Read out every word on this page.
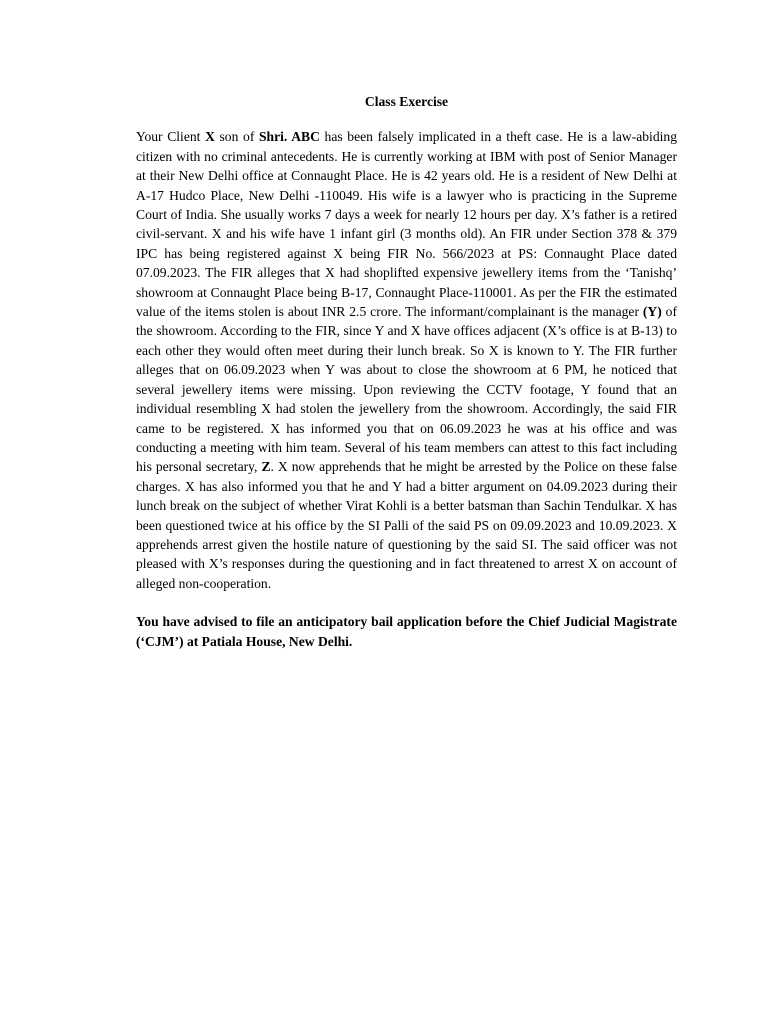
Class Exercise

Your Client X son of Shri. ABC has been falsely implicated in a theft case. He is a law-abiding citizen with no criminal antecedents. He is currently working at IBM with post of Senior Manager at their New Delhi office at Connaught Place. He is 42 years old. He is a resident of New Delhi at A-17 Hudco Place, New Delhi -110049. His wife is a lawyer who is practicing in the Supreme Court of India. She usually works 7 days a week for nearly 12 hours per day. X’s father is a retired civil-servant. X and his wife have 1 infant girl (3 months old). An FIR under Section 378 & 379 IPC has being registered against X being FIR No. 566/2023 at PS: Connaught Place dated 07.09.2023. The FIR alleges that X had shoplifted expensive jewellery items from the ‘Tanishq’ showroom at Connaught Place being B-17, Connaught Place-110001. As per the FIR the estimated value of the items stolen is about INR 2.5 crore. The informant/complainant is the manager (Y) of the showroom. According to the FIR, since Y and X have offices adjacent (X’s office is at B-13) to each other they would often meet during their lunch break. So X is known to Y. The FIR further alleges that on 06.09.2023 when Y was about to close the showroom at 6 PM, he noticed that several jewellery items were missing. Upon reviewing the CCTV footage, Y found that an individual resembling X had stolen the jewellery from the showroom. Accordingly, the said FIR came to be registered. X has informed you that on 06.09.2023 he was at his office and was conducting a meeting with him team. Several of his team members can attest to this fact including his personal secretary, Z. X now apprehends that he might be arrested by the Police on these false charges. X has also informed you that he and Y had a bitter argument on 04.09.2023 during their lunch break on the subject of whether Virat Kohli is a better batsman than Sachin Tendulkar. X has been questioned twice at his office by the SI Palli of the said PS on 09.09.2023 and 10.09.2023. X apprehends arrest given the hostile nature of questioning by the said SI. The said officer was not pleased with X’s responses during the questioning and in fact threatened to arrest X on account of alleged non-cooperation.

You have advised to file an anticipatory bail application before the Chief Judicial Magistrate (‘CJM’) at Patiala House, New Delhi.
